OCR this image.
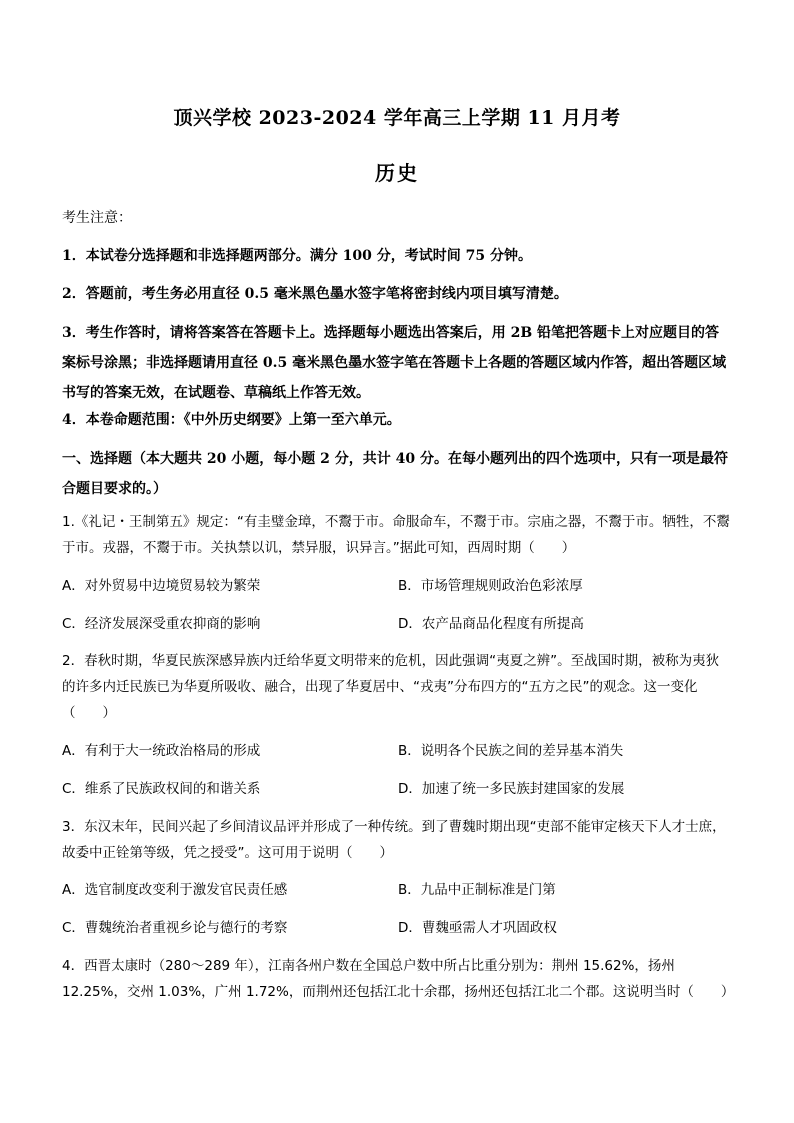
顶兴学校 2023-2024 学年高三上学期 11 月月考
历史
考生注意：
1．本试卷分选择题和非选择题两部分。满分 100 分，考试时间 75 分钟。
2．答题前，考生务必用直径 0.5 毫米黑色墨水签字笔将密封线内项目填写清楚。
3．考生作答时，请将答案答在答题卡上。选择题每小题选出答案后，用 2B 铅笔把答题卡上对应题目的答案标号涂黑；非选择题请用直径 0.5 毫米黑色墨水签字笔在答题卡上各题的答题区域内作答，超出答题区域书写的答案无效，在试题卷、草稿纸上作答无效。
4．本卷命题范围：《中外历史纲要》上第一至六单元。
一、选择题（本大题共 20 小题，每小题 2 分，共计 40 分。在每小题列出的四个选项中，只有一项是最符合题目要求的。）
1.《礼记・王制第五》规定：“有圭璧金璋，不鬻于市。命服命车，不鬻于市。宗庙之器，不鬻于市。牺牲，不鬻于市。戎器，不鬻于市。关执禁以讥，禁异服，识异言。”据此可知，西周时期（　　）
A．对外贸易中边境贸易较为繁荣	B．市场管理规则政治色彩浓厚
C．经济发展深受重农抑商的影响	D．农产品商品化程度有所提高
2．春秋时期，华夏民族深感异族内迁给华夏文明带来的危机，因此强调“夷夏之辨”。至战国时期，被称为夷狄的许多内迁民族已为华夏所吸收、融合，出现了华夏居中、“戎夷”分布四方的“五方之民”的观念。这一变化（　　）
A．有利于大一统政治格局的形成	B．说明各个民族之间的差异基本消失
C．维系了民族政权间的和谐关系	D．加速了统一多民族封建国家的发展
3．东汉末年，民间兴起了乡间清议品评并形成了一种传统。到了曹魏时期出现“吏部不能审定核天下人才士庶，故委中正铨第等级，凭之授受”。这可用于说明（　　）
A．选官制度改变利于激发官民责任感	B．九品中正制标准是门第
C．曹魏统治者重视乡论与德行的考察	D．曹魏亟需人才巩固政权
4．西晋太康时（280～289 年），江南各州户数在全国总户数中所占比重分别为：荆州 15.62%，扬州 12.25%，交州 1.03%，广州 1.72%，而荆州还包括江北十余郡，扬州还包括江北二个郡。这说明当时（　　）
